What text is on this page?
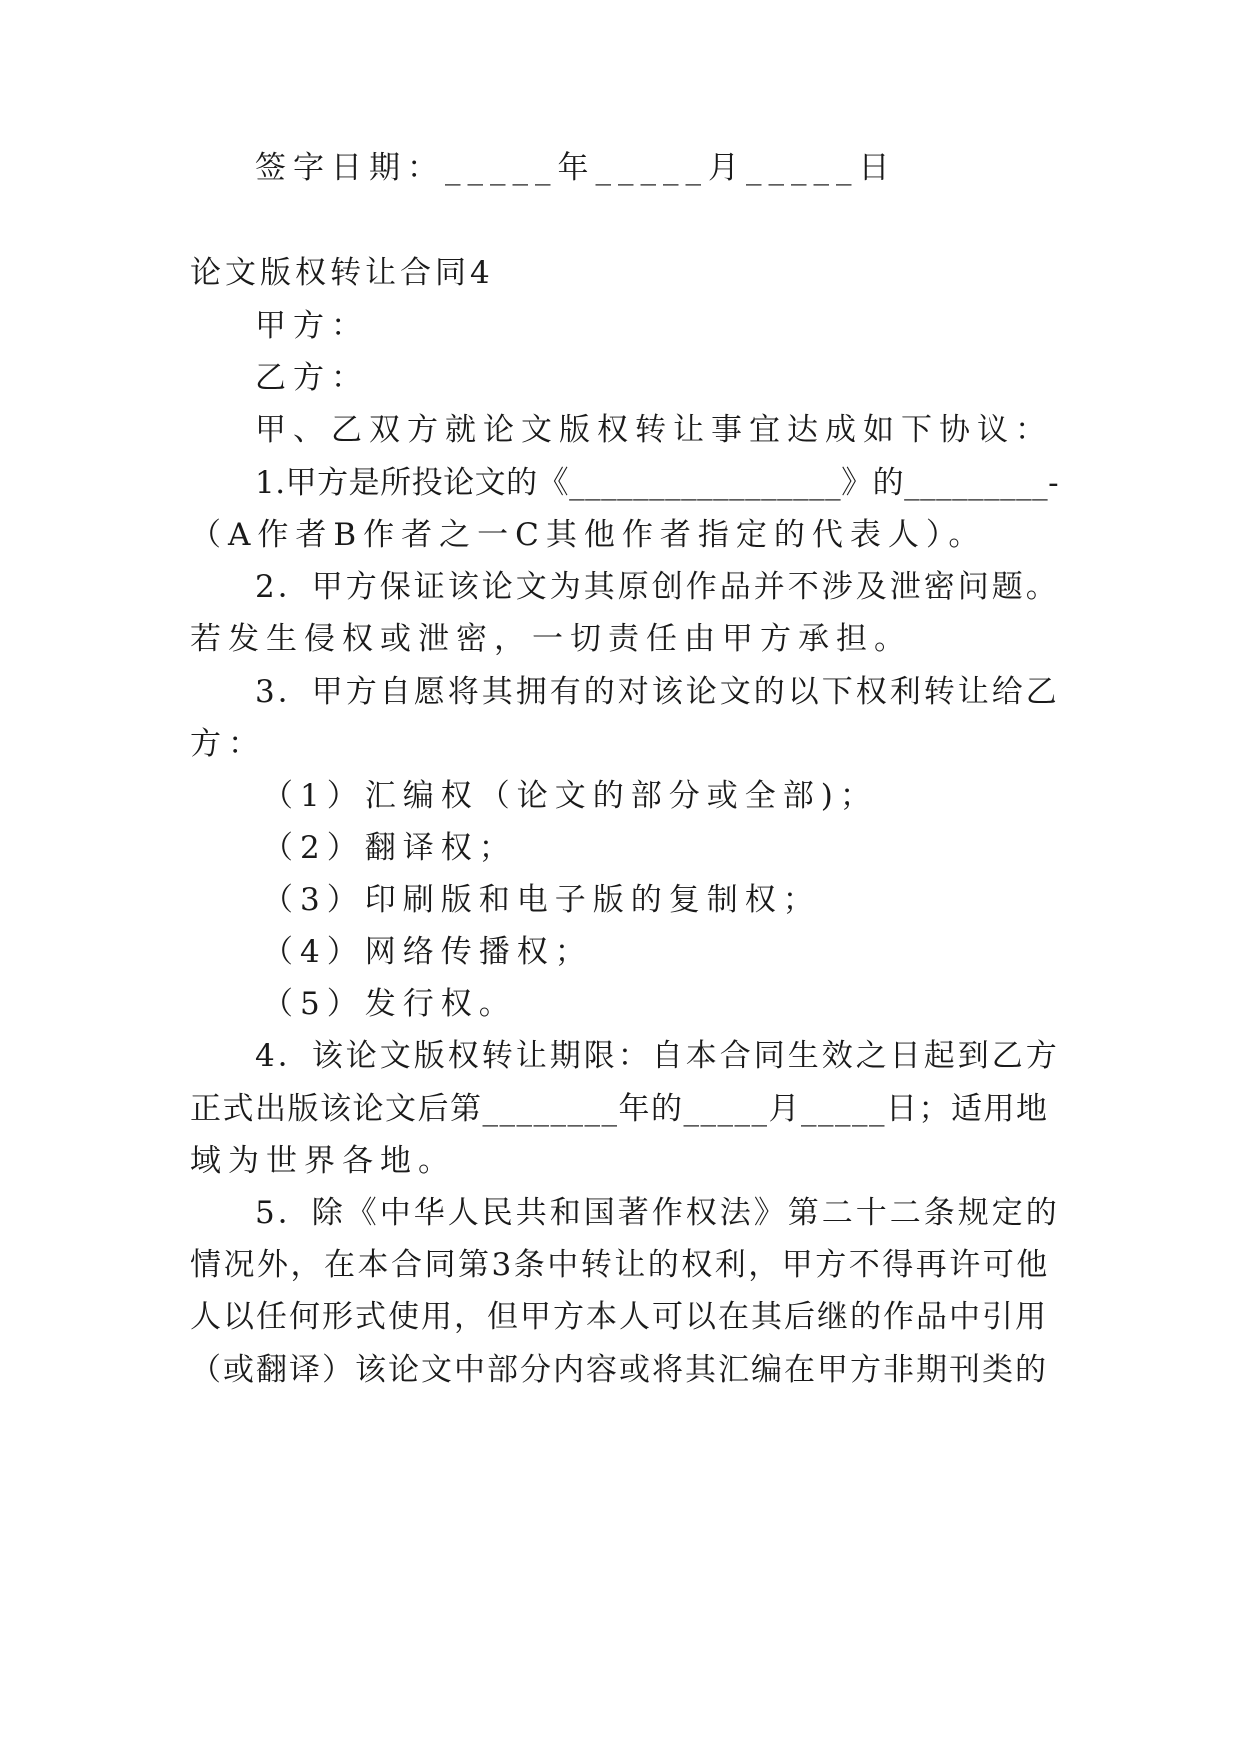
签字日期：_____年_____月_____日
论文版权转让合同4
甲方：
乙方：
甲、乙双方就论文版权转让事宜达成如下协议：
1.甲方是所投论文的《_________________》的_________-
（A作者B作者之一C其他作者指定的代表人）。
2．甲方保证该论文为其原创作品并不涉及泄密问题。
若发生侵权或泄密，一切责任由甲方承担。
3．甲方自愿将其拥有的对该论文的以下权利转让给乙
方：
（1）汇编权（论文的部分或全部)；
（2）翻译权；
（3）印刷版和电子版的复制权；
（4）网络传播权；
（5）发行权。
4．该论文版权转让期限：自本合同生效之日起到乙方
正式出版该论文后第________年的_____月_____日；适用地
域为世界各地。
5．除《中华人民共和国著作权法》第二十二条规定的
情况外，在本合同第3条中转让的权利，甲方不得再许可他
人以任何形式使用，但甲方本人可以在其后继的作品中引用
（或翻译）该论文中部分内容或将其汇编在甲方非期刊类的
